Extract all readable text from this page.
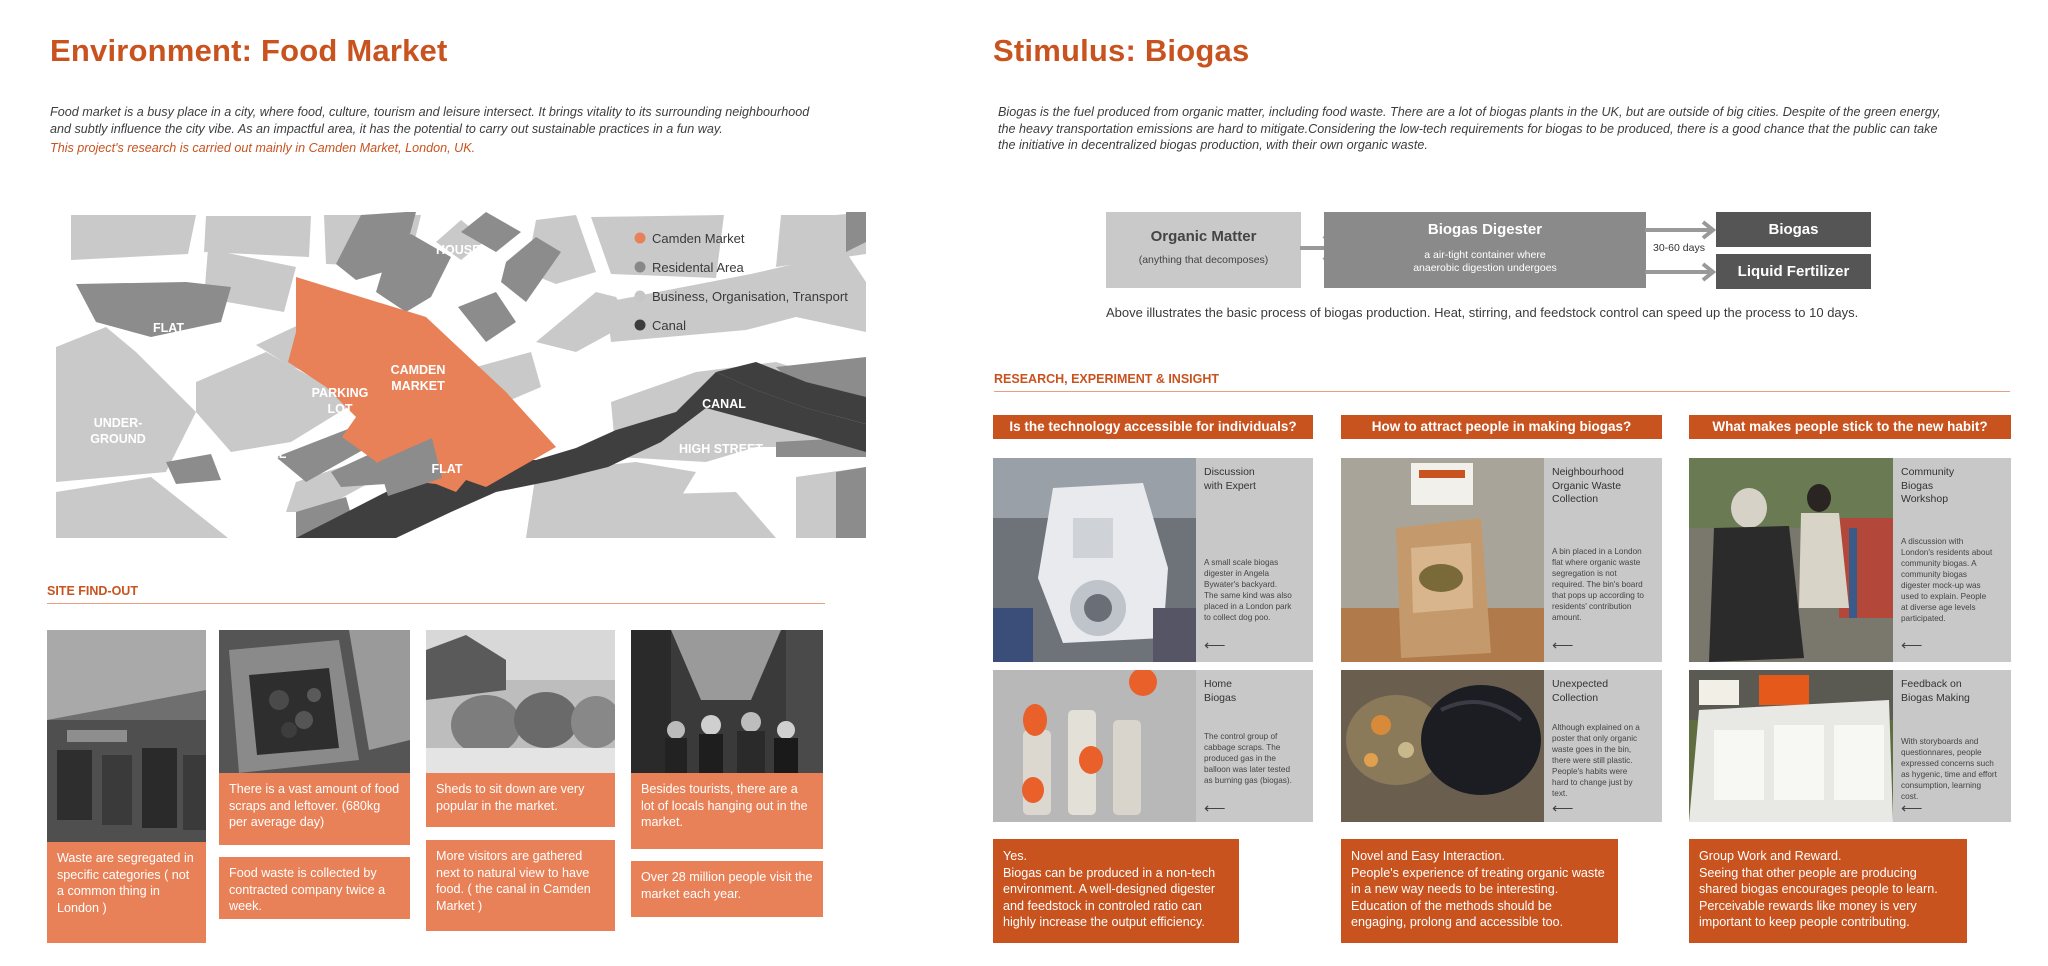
Environment: Food Market
Food market is a busy place in a city, where food, culture, tourism and leisure intersect. It brings vitality to its surrounding neighbourhood
and subtly influence the city vibe. As an impactful area, it has the potential to carry out sustainable practices in a fun way.
This project's research is carried out mainly in Camden Market, London, UK.
HOUSE
FLAT
CAMDEN
MARKET
PARKING
LOT
UNDER-
GROUND
MALL
FLAT
HIGH STREET
HIGH STREET
CANAL
Camden Market
Residental Area
Business, Organisation, Transport
Canal
SITE FIND-OUT
Waste are segregated in specific categories ( not a common thing in London )
There is a vast amount of food scraps and leftover. (680kg per average day)
Food waste is collected by contracted company twice a week.
Sheds to sit down are very popular in the market.
More visitors are gathered next to natural view to have food. ( the canal in Camden Market )
Besides tourists, there are a lot of locals hanging out in the market.
Over 28 million people visit the market each year.
Stimulus: Biogas
Biogas is the fuel produced from organic matter, including food waste. There are a lot of biogas plants in the UK, but are outside of big cities. Despite of the green energy,
the heavy transportation emissions are hard to mitigate.Considering the low-tech requirements for biogas to be produced, there is a good chance that the public can take
the initiative in decentralized biogas production, with their own organic waste.
Organic Matter
(anything that decomposes)
Biogas Digester
a air-tight container where
anaerobic digestion undergoes
30-60 days
Biogas
Liquid Fertilizer
Above illustrates the basic process of biogas production. Heat, stirring, and feedstock control can speed up the process to 10 days.
RESEARCH, EXPERIMENT & INSIGHT
Is the technology accessible for individuals?
Discussion with Expert
A small scale biogas digester in Angela Bywater's backyard. The same kind was also placed in a London park to collect dog poo.
⟵
Home Biogas
The control group of cabbage scraps. The produced gas in the balloon was later tested as burning gas (biogas).
⟵
Yes.
Biogas can be produced in a non-tech environment. A well-designed digester and feedstock in controled ratio can highly increase the output efficiency.
How to attract people in making biogas?
Neighbourhood Organic Waste Collection
A bin placed in a London flat where organic waste segregation is not required. The bin's board that pops up according to residents' contribution amount.
⟵
Unexpected Collection
Although explained on a poster that only organic waste goes in the bin, there were still plastic. People's habits were hard to change just by text.
⟵
Novel and Easy Interaction.
People's experience of treating organic waste in a new way needs to be interesting. Education of the methods should be engaging, prolong and accessible too.
What makes people stick to the new habit?
Community Biogas Workshop
A discussion with London's residents about community biogas. A community biogas digester mock-up was used to explain. People at diverse age levels participated.
⟵
Feedback on Biogas Making
With storyboards and questionnares, people expressed concerns such as hygenic, time and effort consumption, learning cost.
⟵
Group Work and Reward.
Seeing that other people are producing shared biogas encourages people to learn. Perceivable rewards like money is very important to keep people contributing.
